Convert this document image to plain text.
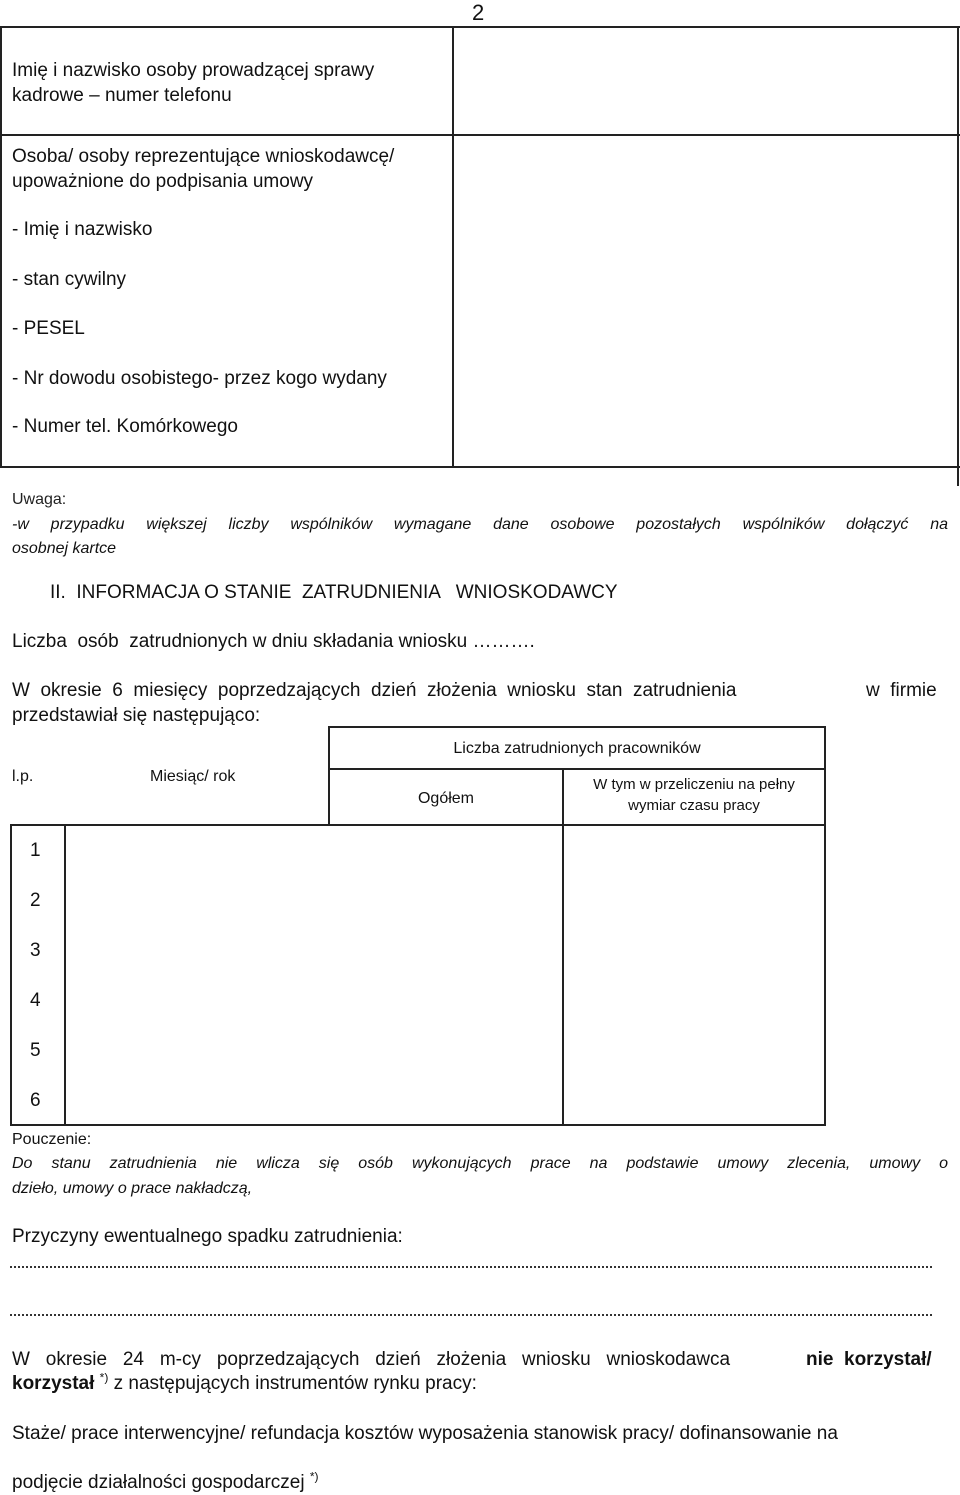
2
Imię i nazwisko osoby prowadzącej sprawy
kadrowe – numer telefonu
Osoba/ osoby reprezentujące wnioskodawcę/
upoważnione do podpisania umowy
- Imię i nazwisko
- stan cywilny
- PESEL
- Nr dowodu osobistego- przez kogo wydany
- Numer tel. Komórkowego
Uwaga:
-w przypadku większej liczby wspólników wymagane dane osobowe pozostałych wspólników dołączyć na
osobnej kartce
II.  INFORMACJA O STANIE  ZATRUDNIENIA   WNIOSKODAWCY
Liczba  osób  zatrudnionych w dniu składania wniosku ……….
W  okresie  6  miesięcy  poprzedzających  dzień  złożenia  wniosku  stan  zatrudnienia	w  firmie
przedstawiał się następująco:
l.p.	Miesiąc/ rok
Liczba zatrudnionych pracowników
Ogółem
W tym w przeliczeniu na pełny
wymiar czasu pracy
1
2
3
4
5
6
Pouczenie:
Do stanu zatrudnienia nie wlicza się osób wykonujących prace na podstawie umowy zlecenia, umowy o
dzieło, umowy o prace nakładczą,
Przyczyny ewentualnego spadku zatrudnienia:
W   okresie   24   m-cy   poprzedzających   dzień   złożenia   wniosku   wnioskodawca	nie  korzystał/
korzystał *) z następujących instrumentów rynku pracy:
Staże/ prace interwencyjne/ refundacja kosztów wyposażenia stanowisk pracy/ dofinansowanie na
podjęcie działalności gospodarczej *)
